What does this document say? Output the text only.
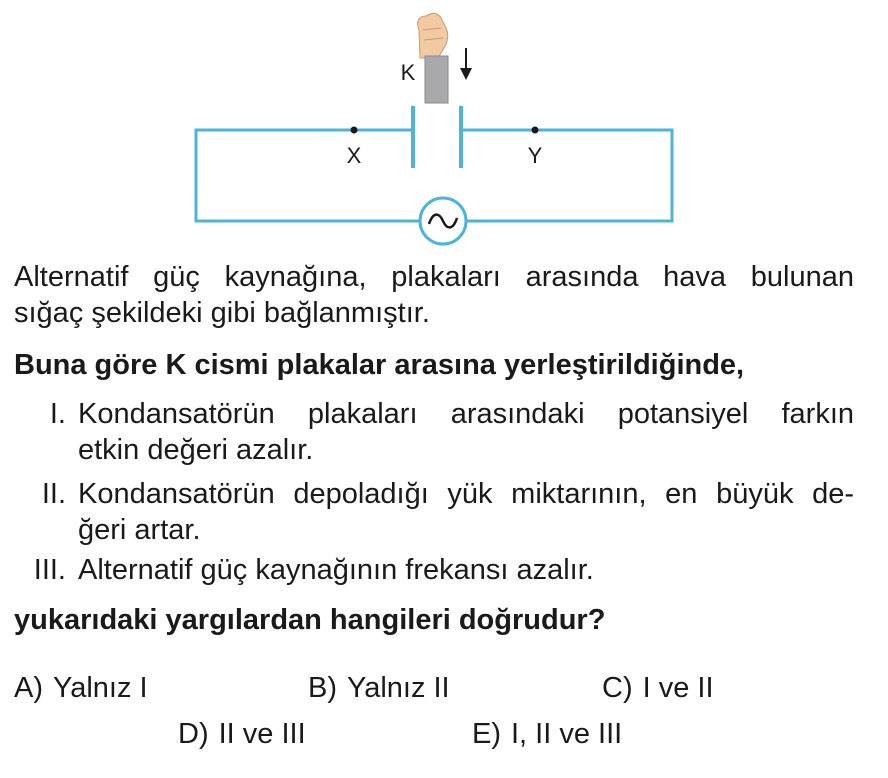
X	Y
K
Alternatif güç kaynağına, plakaları arasında hava bulunan
sığaç şekildeki gibi bağlanmıştır.
Buna göre K cismi plakalar arasına yerleştirildiğinde,
I. Kondansatörün plakaları arasındaki potansiyel farkın
etkin değeri azalır.
II. Kondansatörün depoladığı yük miktarının, en büyük de-
ğeri artar.
III. Alternatif güç kaynağının frekansı azalır.
yukarıdaki yargılardan hangileri doğrudur?
A) Yalnız I	B) Yalnız II	C) I ve II
D) II ve III	E) I, II ve III
